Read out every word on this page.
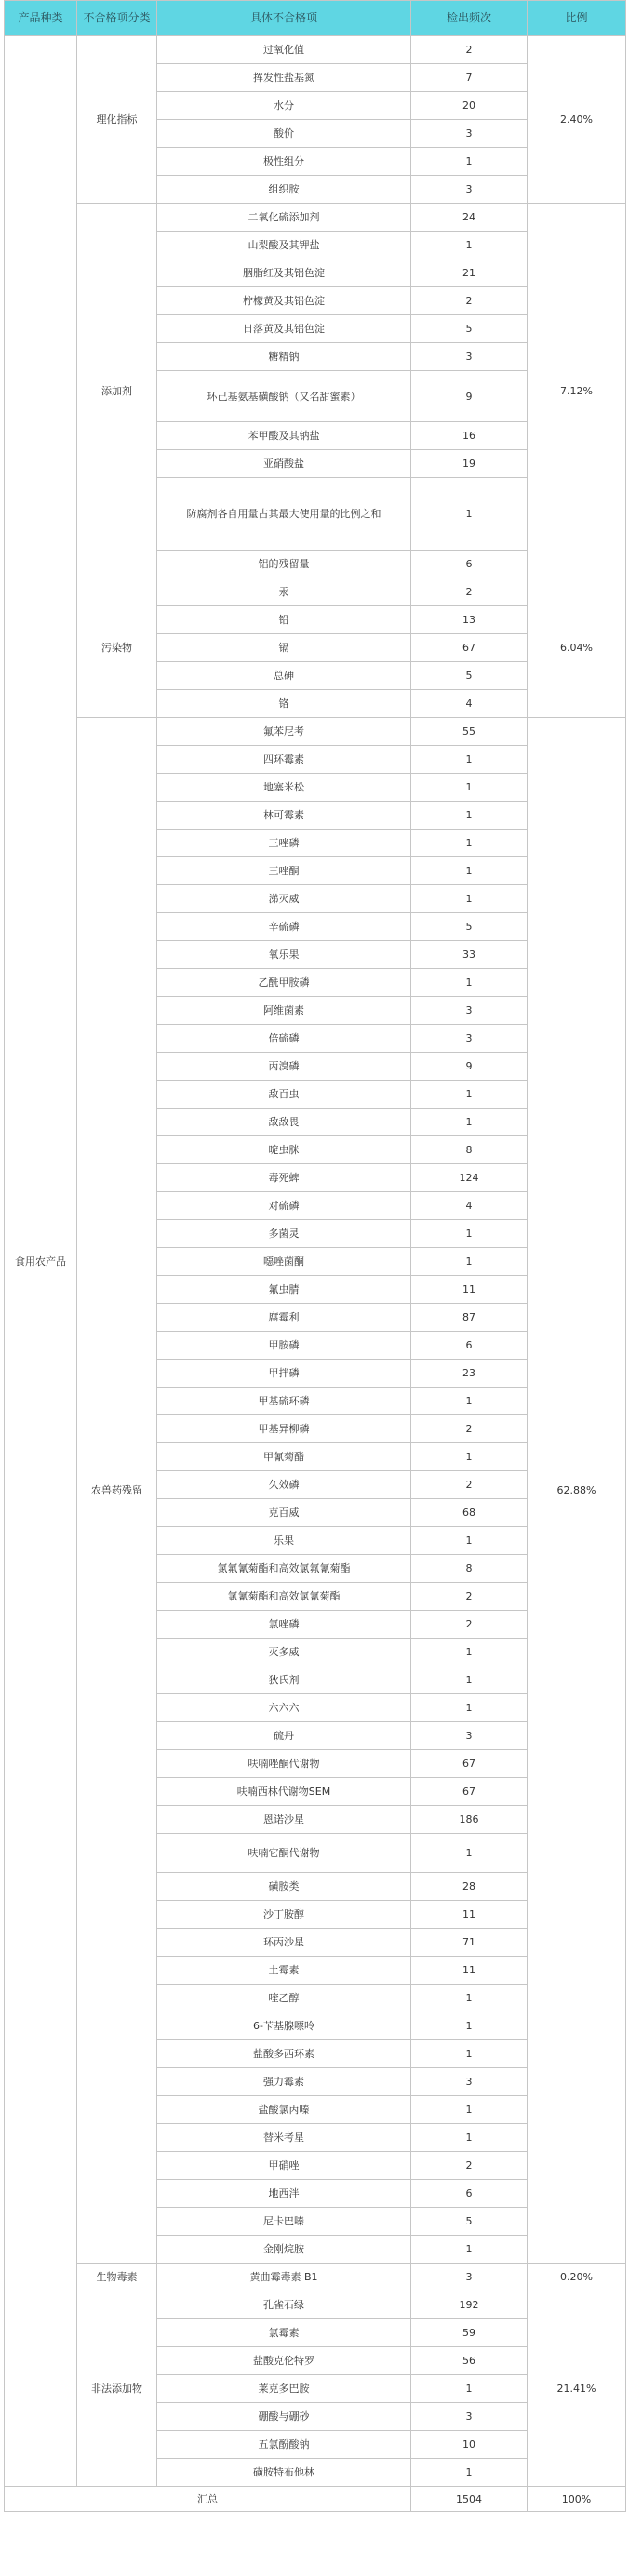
产品种类	不合格项分类	具体不合格项	检出频次	比例
食用农产品	理化指标	过氧化值	2	2.40%
		挥发性盐基氮	7	
		水分	20	
		酸价	3	
		极性组分	1	
		组织胺	3	
	添加剂	二氧化硫添加剂	24	7.12%
		山梨酸及其钾盐	1	
		胭脂红及其铝色淀	21	
		柠檬黄及其铝色淀	2	
		日落黄及其铝色淀	5	
		糖精钠	3	
		环己基氨基磺酸钠（又名甜蜜素）	9	
		苯甲酸及其钠盐	16	
		亚硝酸盐	19	
		防腐剂各自用量占其最大使用量的比例之和	1	
		铝的残留量	6	
	污染物	汞	2	6.04%
		铅	13	
		镉	67	
		总砷	5	
		铬	4	
	农兽药残留	氟苯尼考	55	62.88%
		四环霉素	1	
		地塞米松	1	
		林可霉素	1	
		三唑磷	1	
		三唑酮	1	
		涕灭威	1	
		辛硫磷	5	
		氧乐果	33	
		乙酰甲胺磷	1	
		阿维菌素	3	
		倍硫磷	3	
		丙溴磷	9	
		敌百虫	1	
		敌敌畏	1	
		啶虫脒	8	
		毒死蜱	124	
		对硫磷	4	
		多菌灵	1	
		噁唑菌酮	1	
		氟虫腈	11	
		腐霉利	87	
		甲胺磷	6	
		甲拌磷	23	
		甲基硫环磷	1	
		甲基异柳磷	2	
		甲氰菊酯	1	
		久效磷	2	
		克百威	68	
		乐果	1	
		氯氟氰菊酯和高效氯氟氰菊酯	8	
		氯氰菊酯和高效氯氰菊酯	2	
		氯唑磷	2	
		灭多威	1	
		狄氏剂	1	
		六六六	1	
		硫丹	3	
		呋喃唑酮代谢物	67	
		呋喃西林代谢物SEM	67	
		恩诺沙星	186	
		呋喃它酮代谢物	1	
		磺胺类	28	
		沙丁胺醇	11	
		环丙沙星	71	
		土霉素	11	
		喹乙醇	1	
		6-苄基腺嘌呤	1	
		盐酸多西环素	1	
		强力霉素	3	
		盐酸氯丙嗪	1	
		替米考星	1	
		甲硝唑	2	
		地西泮	6	
		尼卡巴嗪	5	
		金刚烷胺	1	
	生物毒素	黄曲霉毒素 B1	3	0.20%
	非法添加物	孔雀石绿	192	21.41%
		氯霉素	59	
		盐酸克伦特罗	56	
		莱克多巴胺	1	
		硼酸与硼砂	3	
		五氯酚酸钠	10	
		磺胺特布他林	1	
汇总			1504	100%
